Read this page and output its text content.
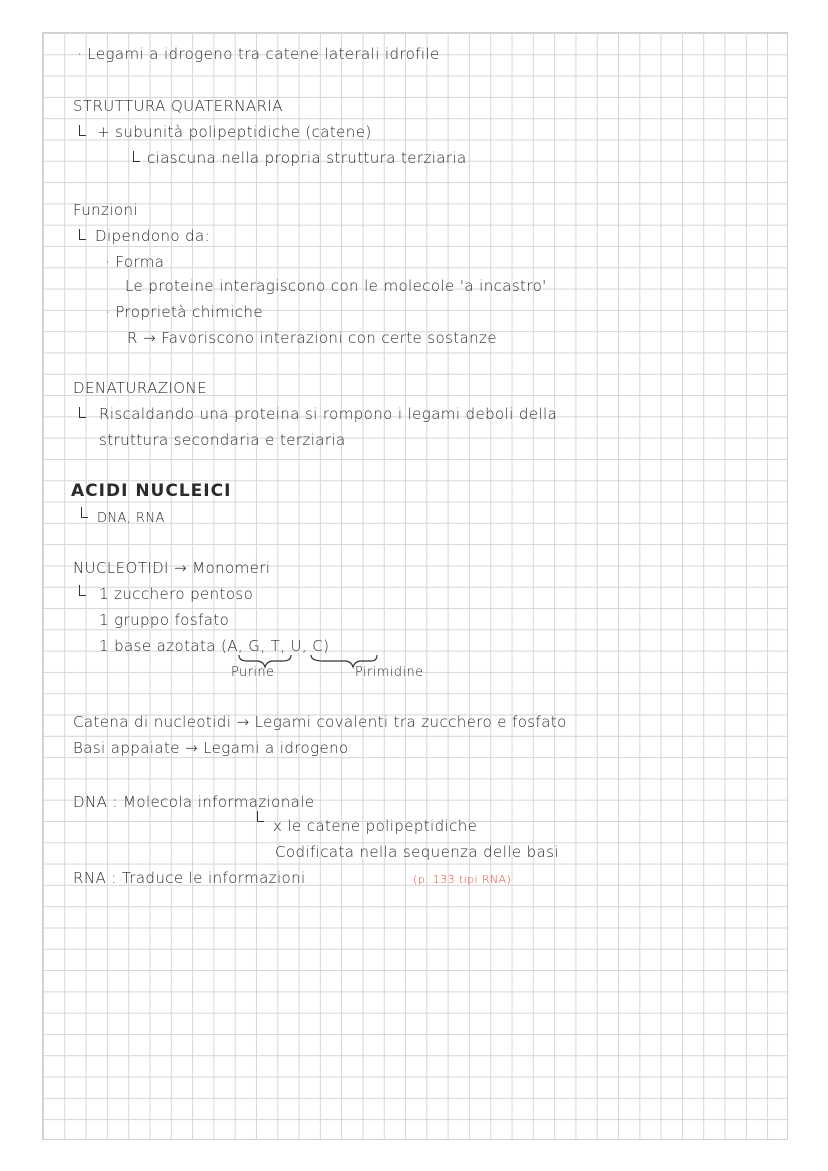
· Legami a idrogeno tra catene laterali idrofile
STRUTTURA QUATERNARIA
+ subunità polipeptidiche (catene)
ciascuna nella propria struttura terziaria
Funzioni
Dipendono da:
· Forma
Le proteine interagiscono con le molecole 'a incastro'
· Proprietà chimiche
R → Favoriscono interazioni con certe sostanze
DENATURAZIONE
Riscaldando una proteina si rompono i legami deboli della
struttura secondaria e terziaria
ACIDI NUCLEICI
DNA, RNA
NUCLEOTIDI → Monomeri
1 zucchero pentoso
1 gruppo fosfato
1 base azotata (A, G, T, U, C)
Purine	Pirimidine
Catena di nucleotidi → Legami covalenti tra zucchero e fosfato
Basi appaiate → Legami a idrogeno
DNA : Molecola informazionale
x le catene polipeptidiche
Codificata nella sequenza delle basi
RNA : Traduce le informazioni	(p. 133 tipi RNA)
